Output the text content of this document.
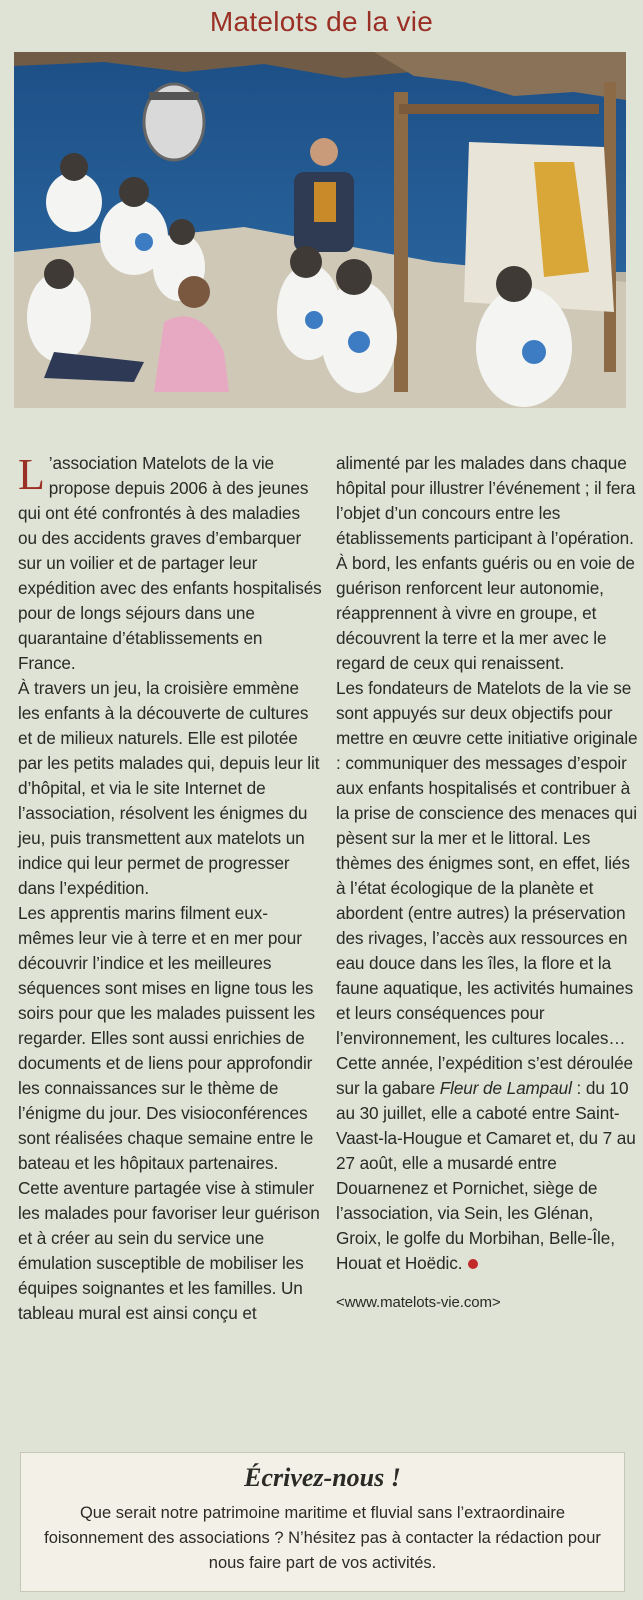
Matelots de la vie

L ’association Matelots de la vie propose depuis 2006 à des jeunes qui ont été confrontés à des maladies ou des accidents graves d’embarquer sur un voilier et de partager leur expédition avec des enfants hospitalisés pour de longs séjours dans une quarantaine d’établissements en France.

À travers un jeu, la croisière emmène les enfants à la découverte de cultures et de milieux naturels. Elle est pilotée par les petits malades qui, depuis leur lit d’hôpital, et via le site Internet de l’association, résolvent les énigmes du jeu, puis transmettent aux matelots un indice qui leur permet de progresser dans l’expédition.

Les apprentis marins filment eux-mêmes leur vie à terre et en mer pour découvrir l’indice et les meilleures séquences sont mises en ligne tous les soirs pour que les malades puissent les regarder. Elles sont aussi enrichies de documents et de liens pour approfondir les connaissances sur le thème de l’énigme du jour. Des visioconférences sont réalisées chaque semaine entre le bateau et les hôpitaux partenaires.

Cette aventure partagée vise à stimuler les malades pour favoriser leur guérison et à créer au sein du service une émulation susceptible de mobiliser les équipes soignantes et les familles. Un tableau mural est ainsi conçu et

alimenté par les malades dans chaque hôpital pour illustrer l’événement ; il fera l’objet d’un concours entre les établissements participant à l’opération.

À bord, les enfants guéris ou en voie de guérison renforcent leur autonomie, réapprennent à vivre en groupe, et découvrent la terre et la mer avec le regard de ceux qui renaissent.

Les fondateurs de Matelots de la vie se sont appuyés sur deux objectifs pour mettre en œuvre cette initiative originale : communiquer des messages d’espoir aux enfants hospitalisés et contribuer à la prise de conscience des menaces qui pèsent sur la mer et le littoral. Les thèmes des énigmes sont, en effet, liés à l’état écologique de la planète et abordent (entre autres) la préservation des rivages, l’accès aux ressources en eau douce dans les îles, la flore et la faune aquatique, les activités humaines et leurs conséquences pour l’environnement, les cultures locales…

Cette année, l’expédition s’est déroulée sur la gabare Fleur de Lampaul : du 10 au 30 juillet, elle a caboté entre Saint-Vaast-la-Hougue et Camaret et, du 7 au 27 août, elle a musardé entre Douarnenez et Pornichet, siège de l’association, via Sein, les Glénan, Groix, le golfe du Morbihan, Belle-Île, Houat et Hoëdic.

<www.matelots-vie.com>

Écrivez-nous !

Que serait notre patrimoine maritime et fluvial sans l’extraordinaire foisonnement des associations ? N’hésitez pas à contacter la rédaction pour nous faire part de vos activités.
